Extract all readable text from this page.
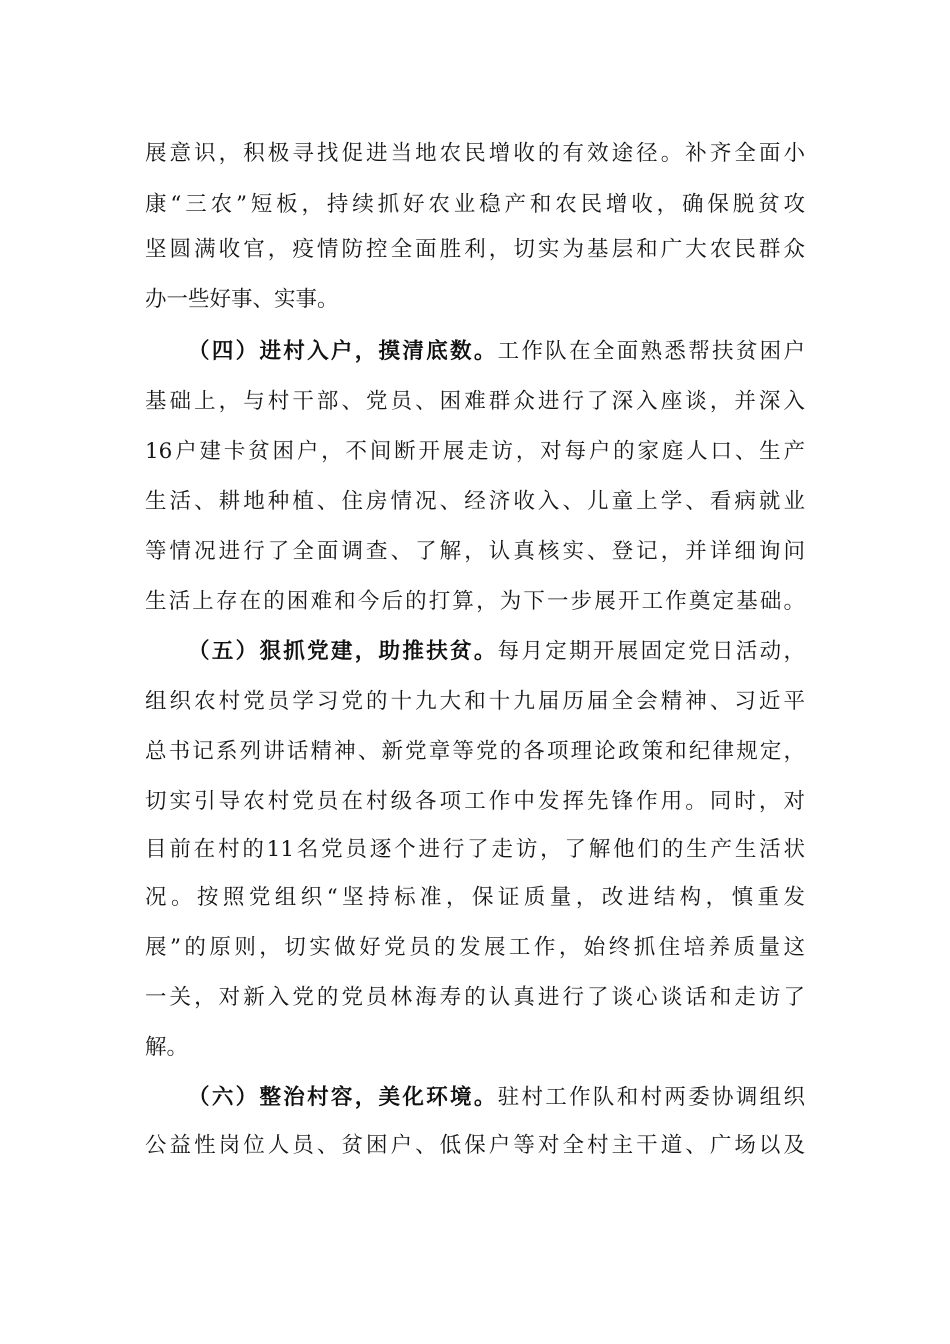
展意识，积极寻找促进当地农民增收的有效途径。补齐全面小

康“三农”短板，持续抓好农业稳产和农民增收，确保脱贫攻

坚圆满收官，疫情防控全面胜利，切实为基层和广大农民群众

办一些好事、实事。

（四）进村入户，摸清底数。工作队在全面熟悉帮扶贫困户

基础上，与村干部、党员、困难群众进行了深入座谈，并深入

16户建卡贫困户，不间断开展走访，对每户的家庭人口、生产

生活、耕地种植、住房情况、经济收入、儿童上学、看病就业

等情况进行了全面调查、了解，认真核实、登记，并详细询问

生活上存在的困难和今后的打算，为下一步展开工作奠定基础。

（五）狠抓党建，助推扶贫。每月定期开展固定党日活动，

组织农村党员学习党的十九大和十九届历届全会精神、习近平

总书记系列讲话精神、新党章等党的各项理论政策和纪律规定，

切实引导农村党员在村级各项工作中发挥先锋作用。同时，对

目前在村的11名党员逐个进行了走访，了解他们的生产生活状

况。按照党组织“坚持标准，保证质量，改进结构，慎重发

展”的原则，切实做好党员的发展工作，始终抓住培养质量这

一关，对新入党的党员林海寿的认真进行了谈心谈话和走访了

解。

（六）整治村容，美化环境。驻村工作队和村两委协调组织

公益性岗位人员、贫困户、低保户等对全村主干道、广场以及
